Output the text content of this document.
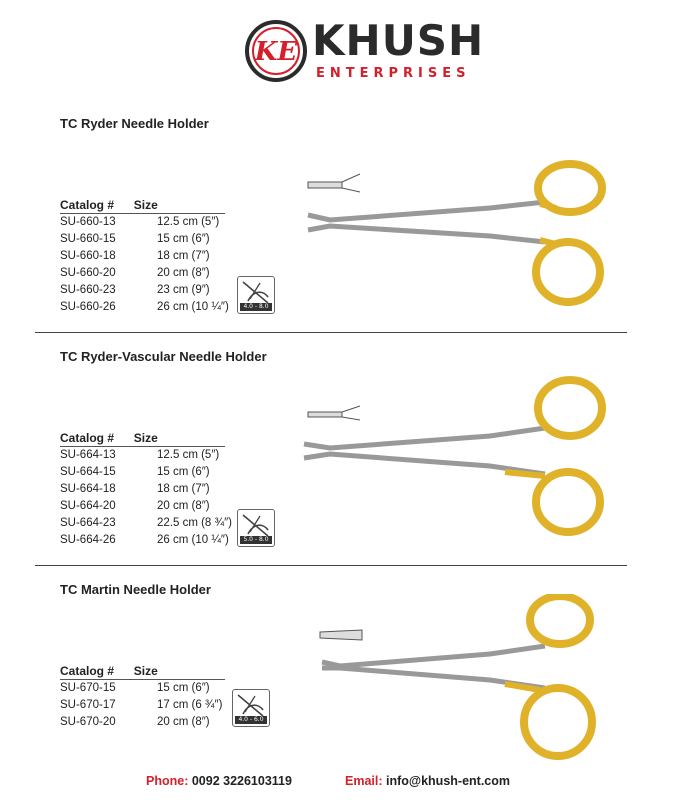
KE KHUSH
ENTERPRISES
TC Ryder Needle Holder
Catalog #	Size
SU-660-13	12.5 cm (5″)
SU-660-15	15 cm (6″)
SU-660-18	18 cm (7″)
SU-660-20	20 cm (8″)
SU-660-23	23 cm (9″)
SU-660-26	26 cm (10 ¼″)	4.0 - 8.0
TC Ryder-Vascular Needle Holder
Catalog #	Size
SU-664-13	12.5 cm (5″)
SU-664-15	15 cm (6″)
SU-664-18	18 cm (7″)
SU-664-20	20 cm (8″)
SU-664-23	22.5 cm (8 ¾″)
SU-664-26	26 cm (10 ¼″)	5.0 - 8.0
TC Martin Needle Holder
Catalog #	Size
SU-670-15	15 cm (6″)
SU-670-17	17 cm (6 ¾″)
SU-670-20	20 cm (8″)	4.0 - 6.0
Phone: 0092 3226103119	Email: info@khush-ent.com
